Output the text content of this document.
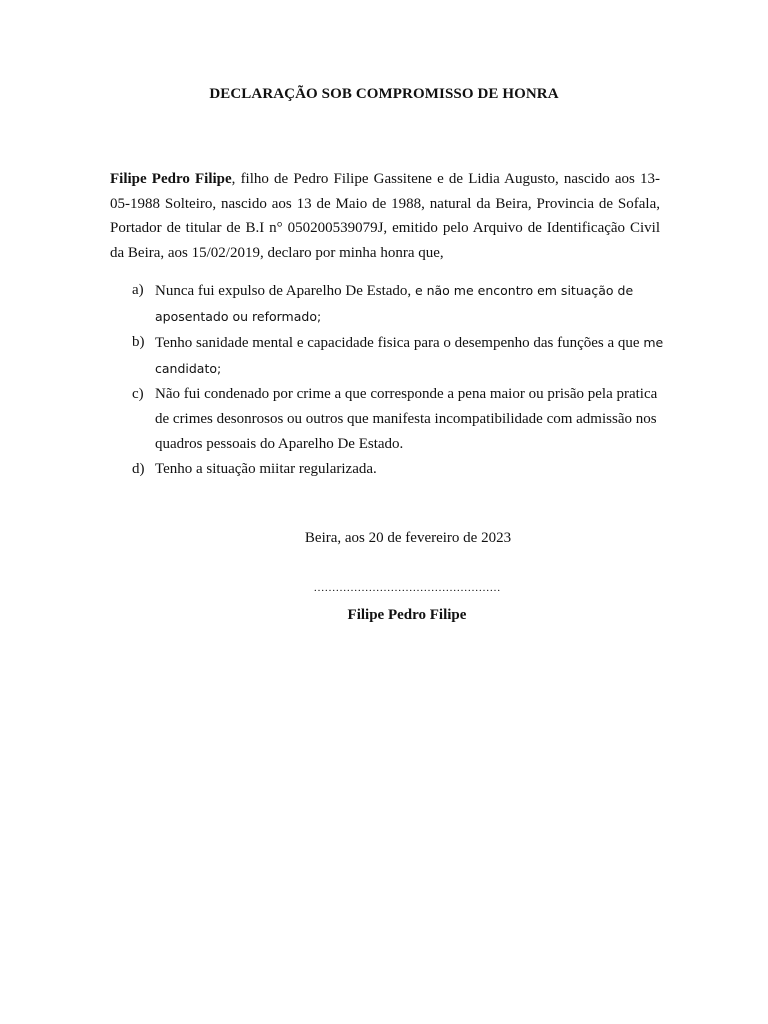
DECLARAÇÃO SOB COMPROMISSO DE HONRA

Filipe Pedro Filipe, filho de Pedro Filipe Gassitene e de Lidia Augusto, nascido aos 13-05-1988 Solteiro, nascido aos 13 de Maio de 1988, natural da Beira, Provincia de Sofala, Portador de titular de B.I n° 050200539079J, emitido pelo Arquivo de Identificação Civil da Beira, aos 15/02/2019, declaro por minha honra que,

a) Nunca fui expulso de Aparelho De Estado, e não me encontro em situação de aposentado ou reformado;
b) Tenho sanidade mental e capacidade fisica para o desempenho das funções a que me candidato;
c) Não fui condenado por crime a que corresponde a pena maior ou prisão pela pratica de crimes desonrosos ou outros que manifesta incompatibilidade com admissão nos quadros pessoais do Aparelho De Estado.
d) Tenho a situação miitar regularizada.
Beira, aos 20 de fevereiro de 2023
……………………………………………
Filipe Pedro Filipe
